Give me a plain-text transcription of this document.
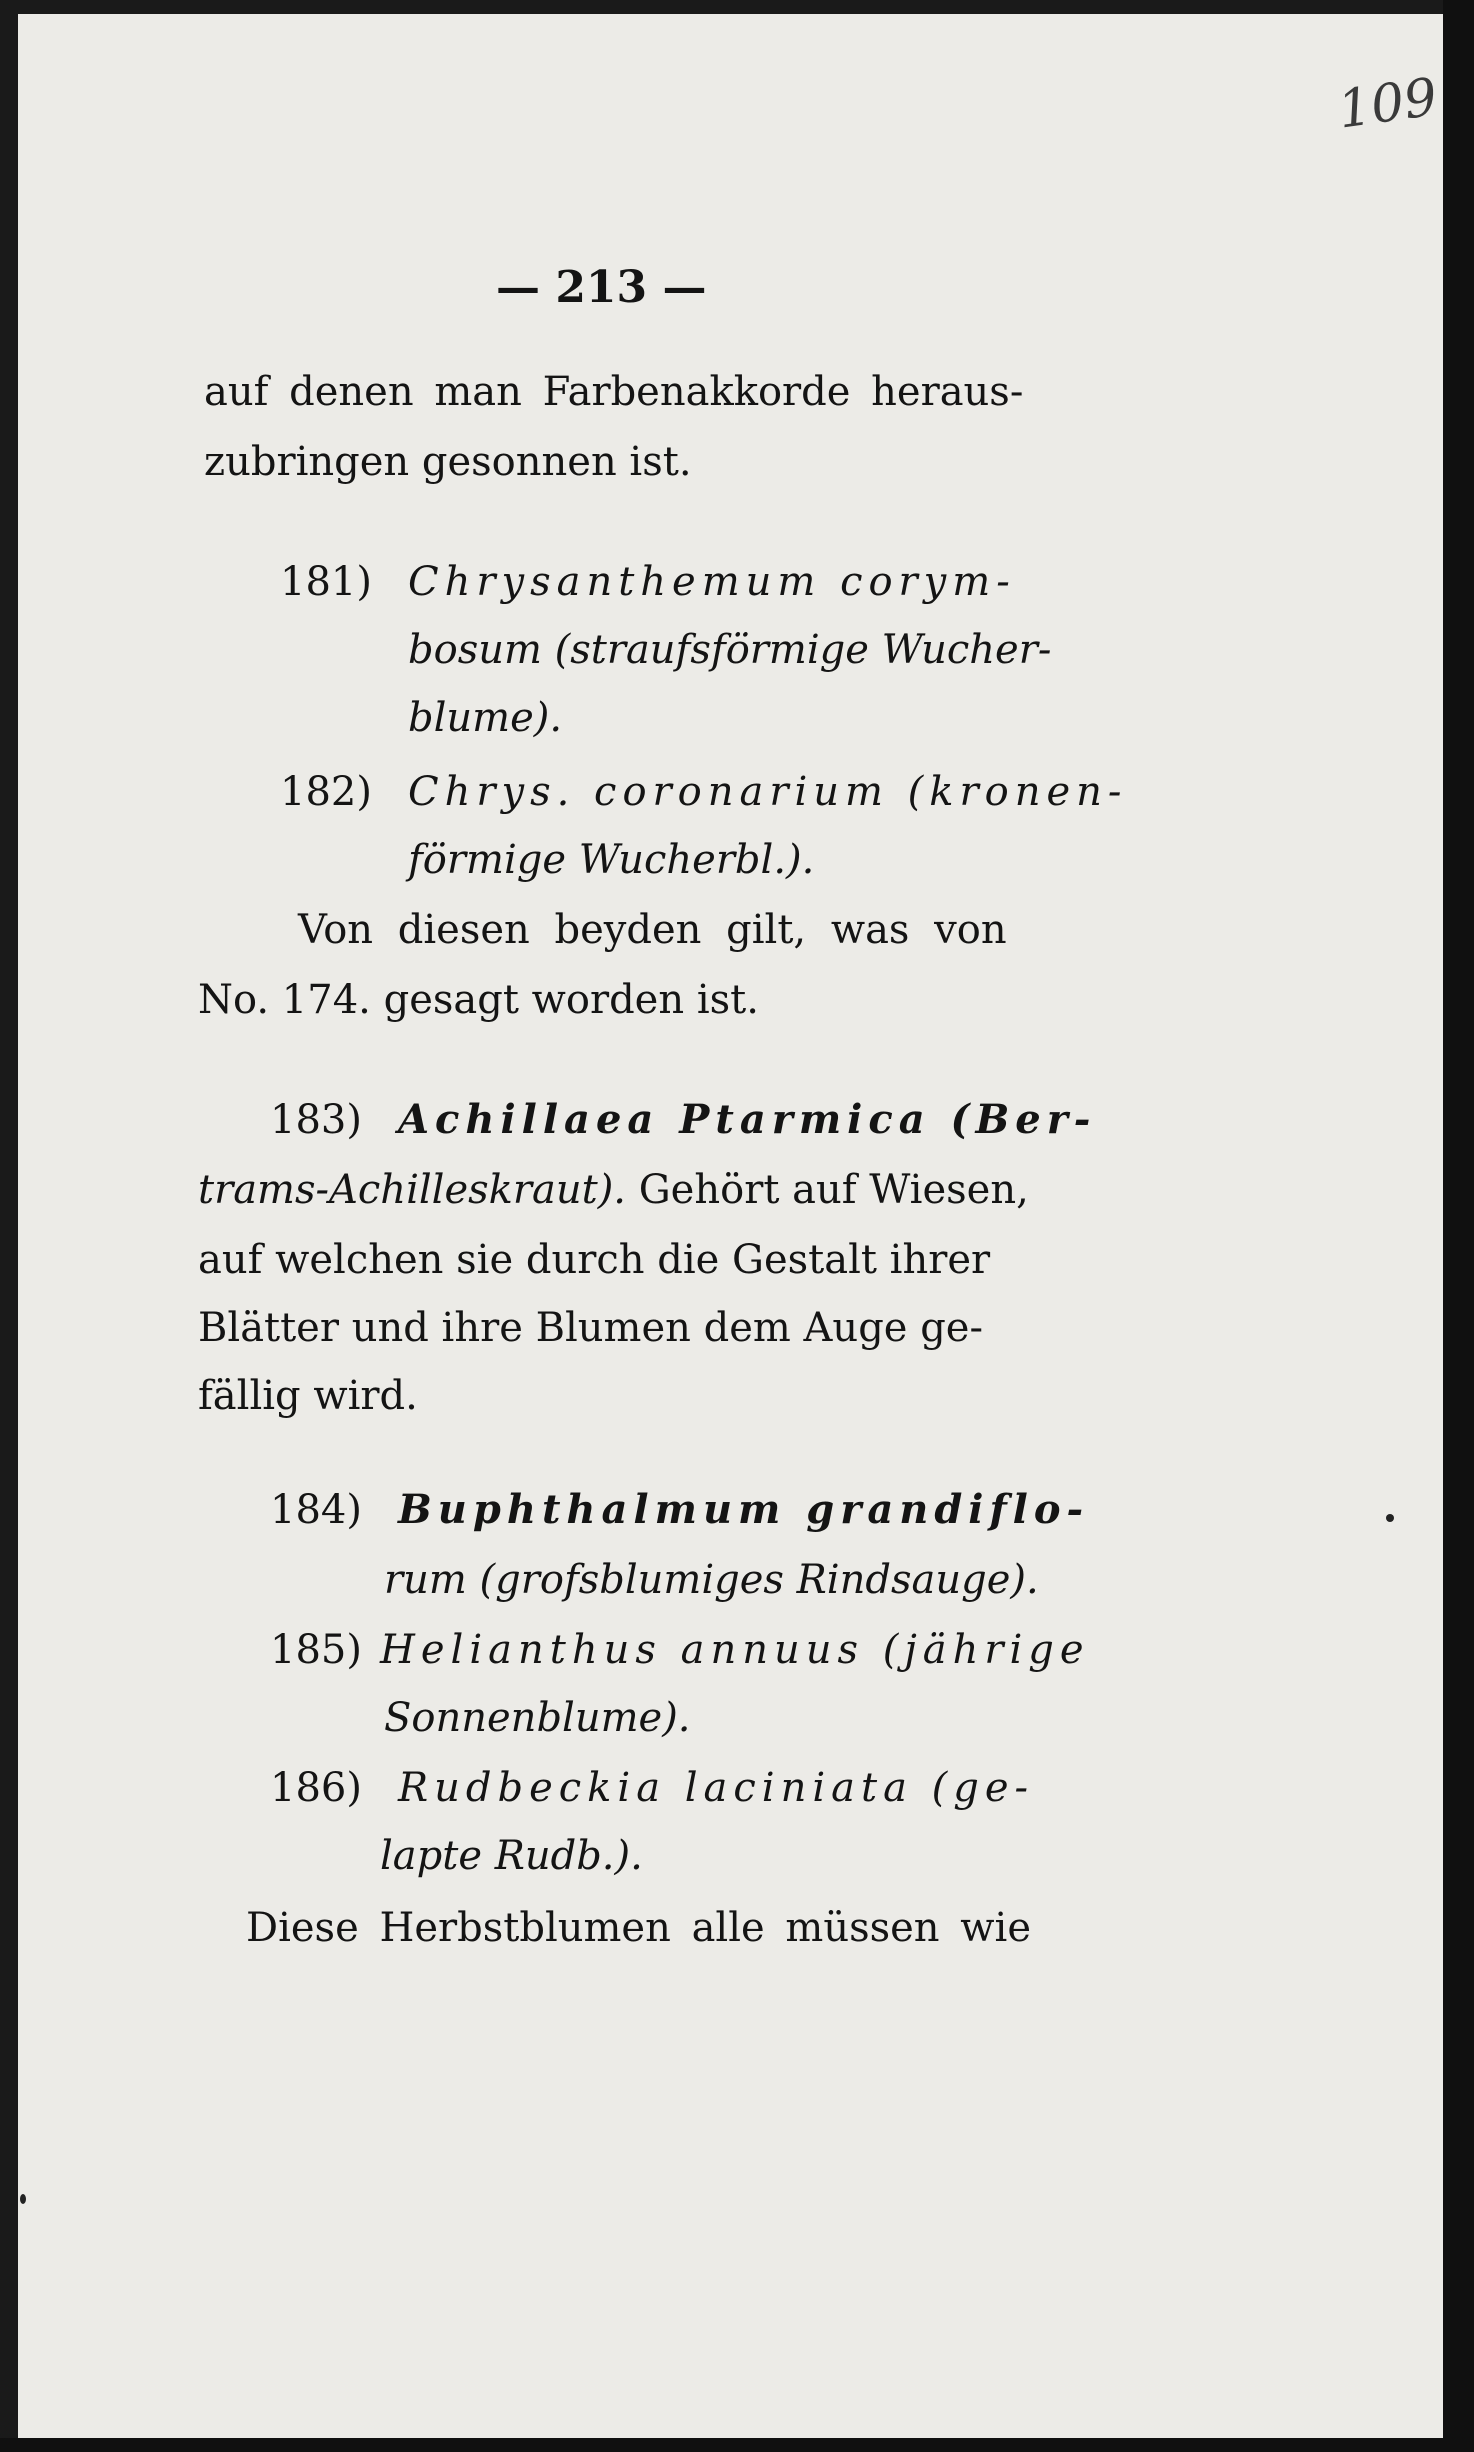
109
— 213 —
auf denen man Farbenakkorde heraus-
zubringen gesonnen ist.
181) Chrysanthemum corym-
bosum (straufsförmige Wucher-
blume).
182) Chrys. coronarium (kronen-
förmige Wucherbl.).
Von diesen beyden gilt, was von
No. 174. gesagt worden ist.
183) Achillaea Ptarmica (Ber-
trams-Achilleskraut). Gehört auf Wiesen,
auf welchen sie durch die Gestalt ihrer
Blätter und ihre Blumen dem Auge ge-
fällig wird.
184) Buphthalmum grandiflo-
rum (grofsblumiges Rindsauge).
185) Helianthus annuus (jährige
Sonnenblume).
186) Rudbeckia laciniata (ge-
lapte Rudb.).
Diese Herbstblumen alle müssen wie
